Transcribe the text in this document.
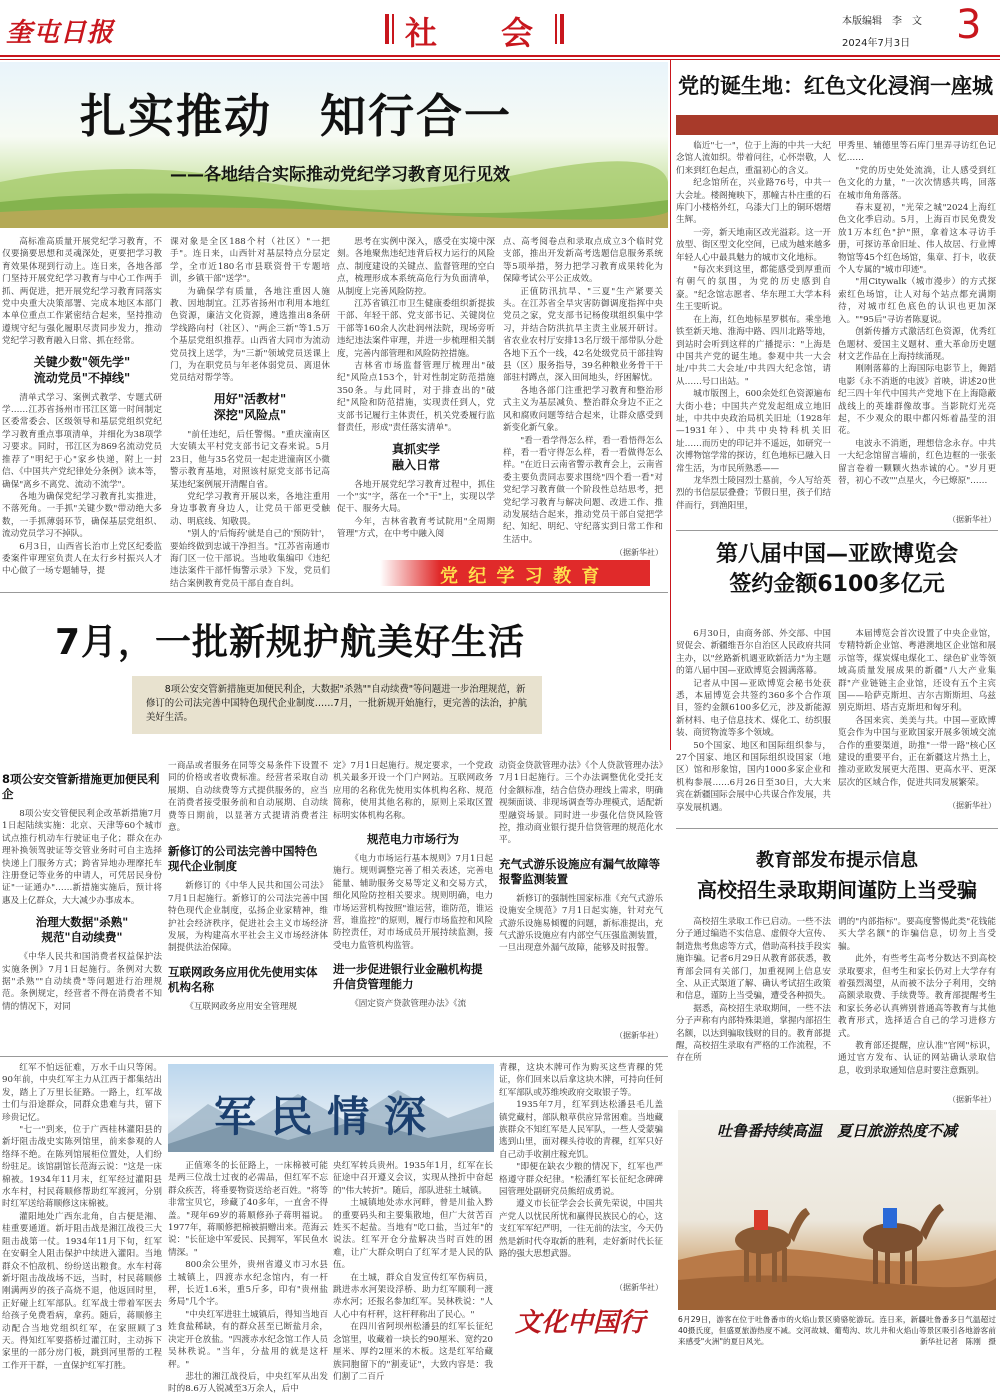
奎屯日报	社　　会	本版编辑　李　文
2024年7月3日 3
扎实推动　知行合一
——各地结合实际推动党纪学习教育见行见效

高标准高质量开展党纪学习教育，不仅要摘要思想和灵魂深处，更要把学习教育效果体现到行动上。连日来，各地各部门坚持开展党纪学习教育与中心工作两手抓、两促进，把开展党纪学习教育同落实党中央重大决策部署、完成本地区本部门本单位重点工作紧密结合起来，坚持推动遵规守纪与强化履职尽责同步发力，推动党纪学习教育融入日常、抓在经常。

关键少数"领先学"
流动党员"不掉线"

清单式学习、案例式教学、专题式研学……江苏省扬州市邗江区第一时间制定区委常委会、区级领导和基层党组织党纪学习教育重点事项清单，并细化为38项学习要求。同时，邗江区为869名流动党员推荐了"明纪于心"家乡快递，附上一封信、《中国共产党纪律处分条例》读本等，确保"离乡不离党、流动不流学"。

各地为确保党纪学习教育扎实推进，不落死角。一手抓"关键少数"带动绝大多数，一手抓薄弱环节，确保基层党组织、流动党员学习不掉队。

6月3日，山西省长治市上党区纪委监委案件审理室负责人在太行乡村振兴人才中心做了一场专题辅导，提

课对象是全区188个村（社区）"一把手"。连日来，山西针对基层特点分层定学，全市近180名市县联资骨干专题培训，乡镇干部"送学"。

为确保学有质量，各地注重因人施教、因地制宜。江苏省扬州市利用本地红色资源，廉洁文化资源，遴选推出8条研学线路向村（社区）、"两企三新"等1.5万个基层党组织推荐。山西省大同市为流动党员找上送学，为"三新"领域党员送课上门，为在职党员与年老体弱党员、离退休党员结对帮学等。

用好"活教材"
深挖"风险点"

"前任违纪，后任警惕。"重庆潼南区大安镇太平村党支部书记文春来说。5月23日，他与35名党员一起走进潼南区小微警示教育基地，对照该村原党支部书记高某违纪案例展开清醒自省。

党纪学习教育开展以来，各地注重用身边事教育身边人，让党员干部更受触动、明底线、知敬畏。

"别人的'后悔药'就是自己的'预防针'，要始终做到忠诚干净担当。"江苏省南通市海门区一位干部说。当地收集编印《违纪违法案件干部忏悔警示录》下发，党员们结合案例教育党员干部自查自纠。

思考在实例中深入，感受在实境中深刻。各地聚焦违纪违背后权力运行的风险点、制度建设的关键点、监督管理的空白点，梳理形成本系统高危行为负面清单，从制度上完善风险防控。

江苏省镇江市卫生健康委组织新提拔干部、年轻干部、党支部书记、关键岗位干部等160余人次赴润州法院，现场旁听违纪违法案件审理，并进一步梳理相关制度，完善内部管理和风险防控措施。

吉林省市场监督管理厅梳理出"破纪"风险点153个，针对性制定防范措施350条。与此同时，对于排查出的"破纪"风险和防范措施，实现责任到人，党支部书记履行主体责任，机关党委履行监督责任，形成"责任落实清单"。

真抓实学
融入日常

各地开展党纪学习教育过程中，抓住一个"实"字，落在一个"干"上，实现以学促干、服务大局。

今年，吉林省教育考试院用"全周期管理"方式，在中考中融入阅

点、高考阅卷点和录取点成立3个临时党支部，推出开发新高考选题信息服务系统等5项举措，努力把学习教育成果转化为保障考试公平公正成效。

正值防汛抗旱、"三夏"生产紧要关头。在江苏省全旱灾害防御调度指挥中央党员之家，党支部书记杨俊琪组织集中学习，并结合防洪抗旱主责主业展开研讨。省农业农村厅安排13名厅级干部带队分赴各地下五个一线，42名处级党员干部挂钩县（区）服务指导，39名种粮业务骨干干部驻村蹲点，深入田间地头，纾困解忧。

各地各部门注重把学习教育和整治形式主义为基层减负、整治群众身边不正之风和腐败问题等结合起来，让群众感受到新变化新气象。

"看一看学得怎么样，看一看悟得怎么样，看一看守得怎么样，看一看做得怎么样。"在近日云南省警示教育会上，云南省委主要负责同志要求围绕"四个看一看"对党纪学习教育做一个阶段性总结思考，把党纪学习教育与解决问题、改进工作、推动发展结合起来，推动党员干部自觉把学纪、知纪、明纪、守纪落实到日常工作和生活中。

（据新华社）
党 纪 学 习 教 育
党的诞生地：红色文化浸润一座城

临近"七一"，位于上海的中共一大纪念馆人流如织。带着问往，心怀崇敬，人们来到红色起点，重温初心的含义。

纪念馆所在，兴业路76号，中共一大会址。楼阁掩映下，那幢古朴庄重的石库门小楼格外红，乌漆大门上的铜环熠熠生辉。

一旁，新天地南区改光溢彩。这一开放型、街区型文化空间，已成为越来越多年轻人心中最具魅力的城市文化地标。

"每次来到这里，都能感受到厚重而有朝气的氛围，为党的历史感到自豪。"纪念馆志愿者、华东理工大学本科生王雯昕说。

在上海，红色地标星罗棋布。乘坐地铁至新天地、淮海中路、四川北路等地，到站时会听到这样的广播提示："上海是中国共产党的诞生地。参观中共一大会址/中共二大会址/中共四大纪念馆，请从……号口出站。"

城市版图上，600余处红色资源遍布大街小巷；中国共产党发起组成立地旧址，中共中央政治局机关旧址（1928年—1931年）、中共中央特科机关旧址……而历史的印记并不遥远，如研究一次博物馆学常的探访，红色地标已融入日常生活，为市民所熟悉——

龙华烈士陵园烈士墓前，今人写给英烈的书信层层叠叠；节假日里，孩子们结伴而行，到渔阳里，

甲秀里、辅德里等石库门里弄寻访红色记忆……

"党的历史处处流淌，让人感受到红色文化的力量，"一次次情感共鸣，回落在城市角角落落。

春末夏初，"光荣之城"2024上海红色文化季启动。5月，上海百市民免费发放1万本红色"护"照，拿着这本寻访手册，可探访革命旧址、伟人故居、行业博物馆等45个红色场馆，集章、打卡，收获个人专属的"城市印迹"。

"用Citywalk（城市漫步）的方式探索红色场馆，让人对每个站点都充满期待，对城市红色底色的认识也更加深入。""95后"寻访者陈夏说。

创新传播方式激活红色资源，优秀红色题材、爱国主义题材、重大革命历史题材文艺作品在上海持续涌现。

刚刚落幕的上海国际电影节上，舞蹈电影《永不消逝的电波》首映，讲述20世纪三四十年代中国共产党地下在上海隐蔽战线上的英雄群像故事。当影院灯光亮起，不少观众的眼中都闪烁着晶莹的泪花。

电波永不消逝，理想信念永存。中共一大纪念馆留言墙前，红色边框的一张张留言卷着一颗颗火热赤诚的心。"岁月更替，初心不改""点星火，今已燎原"……

（据新华社）
第八届中国—亚欧博览会
签约金额6100多亿元

6月30日，由商务部、外交部、中国贸促会、新疆维吾尔自治区人民政府共同主办，以"丝路新机遇亚欧新活力"为主题的第八届中国—亚欧博览会圆满落幕。

记者从中国—亚欧博览会秘书处获悉，本届博览会共签约360多个合作项目，签约金额6100多亿元，涉及新能源新材料、电子信息技术、煤化工、纺织服装、商贸物流等多个领域。

50个国家、地区和国际组织参与，27个国家、地区和国际组织设国家（地区）馆和形象馆，国内1000多家企业和机构参展……6月26日至30日，大大来宾在新疆国际会展中心共谋合作发展，共享发展机遇。

本届博览会首次设置了中央企业馆，专精特新企业馆、粤港澳地区企业馆和展示馆等，煤炭煤电煤化工、绿色矿业等领域高质量发展成果的新疆"八大产业集群"产业链链主企业馆，还设有五个主宾国——哈萨克斯坦、吉尔吉斯斯坦、乌兹别克斯坦、塔吉克斯坦和匈牙利。

各国来宾、美美与共。中国—亚欧博览会作为中国与亚欧国家开展多领域交流合作的重要渠道，助推"一带一路"核心区建设的重要平台，正在新疆这片热土上，推动亚欧发展更大范围、更高水平、更深层次的区域合作，促进共同发展繁荣。

（据新华社）
教育部发布提示信息
高校招生录取期间谨防上当受骗

高校招生录取工作已启动。一些不法分子通过编造不实信息、虚假夺大宣传、制造焦考焦虑等方式，借助高科技手段实施诈骗。记者6月29日从教育部获悉，教育部会同有关部门，加重视网上信息安全、从正式渠道了解、确认考试招生政策和信息，谨防上当受骗，遭受各种损失。

据悉，高校招生录取期间，一些不法分子声称有内部特殊渠道，掌握内部招生名额，以达到骗取钱财的目的。教育部提醒，高校招生录取有严格的工作流程，不存在所

谓的"内部指标"。要高度警惕此类"花钱能买大学名额"的诈骗信息，切勿上当受骗。

此外，有些考生高考分数达不到高校录取要求，但考生和家长仍对上大学存有着强烈渴望，从而被不法分子利用，交纳高额录取费、手续费等。教育部提醒考生和家长务必认真辨别普通高等教育与其他教育形式，选择适合自己的学习进修方式。

教育部还提醒，应认准"官网"标识，通过官方发布、认证的网站确认录取信息，收到录取通知信息时要注意甄别。

（据新华社）
吐鲁番持续高温　夏日旅游热度不减
6月29日，游客在位于吐鲁番市的火焰山景区骑骆驼游玩。连日来，新疆吐鲁番多日气温超过40摄氏度，但盛夏旅游热度不减。交河故城、葡萄沟、坎儿井和火焰山等景区吸引各地游客前来感受"火洲"的夏日风光。	新华社记者　陈刚　摄
7月，一批新规护航美好生活
8项公安交管新措施更加便民利企，大数据"杀熟""自动续费"等问题进一步治理规范，新修订的公司法完善中国特色现代企业制度……7月，一批新规开始施行，更完善的法治，护航美好生活。

8项公安交管新措施更加便民利企

8项公安交管便民利企改革新措施7月1日起陆续实施：北京、天津等60个城市试点推行机动车行驶证电子化；群众在办理补换领驾驶证等交管业务时可自主选择快递上门服务方式；跨省异地办理摩托车注册登记等业务的申请人，可凭居民身份证"一证通办"……新措施实施后，预计将惠及上亿群众，大大减少办事成本。

治理大数据"杀熟"
规范"自动续费"

《中华人民共和国消费者权益保护法实施条例》7月1日起施行。条例对大数据"杀熟""自动续费"等问题进行治理规范。条例规定，经营者不得在消费者不知情的情况下，对同

一商品或者服务在同等交易条件下设置不同的价格或者收费标准。经营者采取自动展期、自动续费等方式提供服务的，应当在消费者接受服务前和自动展期、自动续费等日期前，以显著方式提请消费者注意。

新修订的公司法完善中国特色现代企业制度

新修订的《中华人民共和国公司法》7月1日起施行。新修订的公司法完善中国特色现代企业制度，弘扬企业家精神，维护社会经济秩序，促进社会主义市场经济发展，为构建高水平社会主义市场经济体制提供法治保障。

互联网政务应用优先使用实体机构名称

《互联网政务应用安全管理规

定》7月1日起施行。规定要求，一个党政机关最多开设一个门户网站。互联网政务应用的名称优先使用实体机构名称、规范简称，使用其他名称的，原则上采取区置标明实体机构名称。

规范电力市场行为

《电力市场运行基本规则》7月1日起施行。规则调整完善了相关表述，完善电能量、辅助服务交易等定义和交易方式，细化风险防控相关要求。规则明确，电力市场运营机构按照"谁运营，谁防范，谁运营，谁监控"的原则，履行市场监控和风险防控责任，对市场成员开展持续监测，接受电力监管机构监管。

进一步促进银行业金融机构提升信贷管理能力

《固定资产贷款管理办法》《流

动资金贷款管理办法》《个人贷款管理办法》7月1日起施行。三个办法调整优化受托支付金额标准，结合信贷办理线上需求，明确视频面谈、非现场调查等办理模式，适配新型融资场景。同时进一步强化信贷风险管控，推动商业银行提升信贷管理的规范化水平。

充气式游乐设施应有漏气故障等报警监测装置

新修订的强制性国家标准《充气式游乐设施安全规范》7月1日起实施，针对充气式游乐设施易倾覆的问题，新标准提出，充气式游乐设施应有内部空气压强监测装置，一旦出现意外漏气故障，能够及时报警。

（据新华社）

红军不怕远征难，万水千山只等闲。90年前，中央红军主力从江西于都集结出发，踏上了万里长征路。一路上，红军战士们与沿途群众，同群众患难与共，留下珍贵记忆。

"七一"到来，位于广西桂林灌阳县的新圩阻击战史实陈列馆里，前来参观的人络绎不绝。在陈列馆展柜位置处，人们纷纷驻足。该馆副馆长范海云说："这是一床棉被。1934年11月末，红军经过灌阳县水车村，村民蒋顺修帮助红军渡河，分别时红军送给蒋顺修这床棉被。

灌阳地处广西东北角，自古便是湘、桂重要通道。新圩阻击战是湘江战役三大阻击战第一仗。1934年11月下旬，红军在安硐全人阻击保护中续进入灌阳。当地群众不怕敌机、纷纷送出粮食。水车村蒋新圩阻击战战场不远，当时，村民蒋顺修刚满两岁的孩子高烧不退，他返回时里，正好碰上红军部队。红军战士带着军医去给孩子免费看病，拿药。随后，蒋顺修主动配合当地党组织红军，在家照顾了3天。得知红军要搭桥过灌江时，主动拆下家里的一部分房门板，跳到河里帮的工程工作开干群，一直保护红军打胜。

军 民 情 深

正值寒冬的长征路上，一床棉被可能是两三位战士过夜的必需品，但红军不忘群众疾苦，将垂要物资送给老百姓。"将等非常宝贝它，珍藏了40多年，一直舍不得盖。"现年69岁的蒋顺修孙子蒋明福说。1977年，蒋顺修把棉被捐赠出来。范海云说："长征途中军爱民、民拥军，军民鱼水情深。"

800余公里外，贵州省遵义市习水县土城镇上，四渡赤水纪念馆内，有一杆秤，长近1.6米，重5斤多，印有"贵州盐务局"几个字。

"中央红军进驻土城镇后，得知当地百姓食盐稀缺，有的群众甚至已断盐月余，决定开仓放盐。"四渡赤水纪念馆工作人员吴林秩说。"当年，分盐用的就是这杆秤。"

悲壮的湘江战役后，中央红军从出发时的8.6万人锐减至3万余人，后中

央红军转兵贵州。1935年1月，红军在长征途中召开遵义会议，实现从挫折中奋起的"伟大转折"。随后，部队进驻土城镇。

土城镇地处赤水河畔，曾是川盐入黔的重要码头和主要集散地，但广大贫苦百姓买不起盐。当地有"吃口盐，当过年"的说法。红军开仓分盐解决当时百姓的困难，让广大群众明白了红军才是人民的队伍。

在土城，群众自发宣传红军伤病员，跳进赤水河架设浮桥、助力红军顺利一渡赤水河；还报名参加红军。吴林秩说："人人心中有杆秤，这杆秤称出了民心。"

在四川省阿坝州松潘县的红军长征纪念馆里，收藏着一块长约90厘米、宽约20厘米、厚约2厘米的木板。这是红军给藏族同胞留下的"割麦证"，大致内容是：我们割了二百斤

青稞，这块木牌可作为购买这些青稞的凭证，你们回来以后拿这块木牌，可持向任何红军部队或苏维埃政府交取银子等。

1935年7月，红军到达松潘县毛儿盖镇党藏村，部队粮草供应异常困难。当地藏族群众不知红军是人民军队，一些人受蒙骗逃到山里，面对稞头待收的青稞，红军只好自己动手收割庄稼充饥。

"即便在缺衣少粮的情况下，红军也严格遵守群众纪律。"松潘红军长征纪念碑碑园管理处副研究员熊绍成勇说。

遵义市长征学会会长黄先荣说，中国共产党人以忧民所忧和赢得民族民心的心，这支红军军纪严明，一往无前的法宝，今天仍然是新时代夺取新的胜利，走好新时代长征路的强大思想武器。

（据新华社）
文化中国行
